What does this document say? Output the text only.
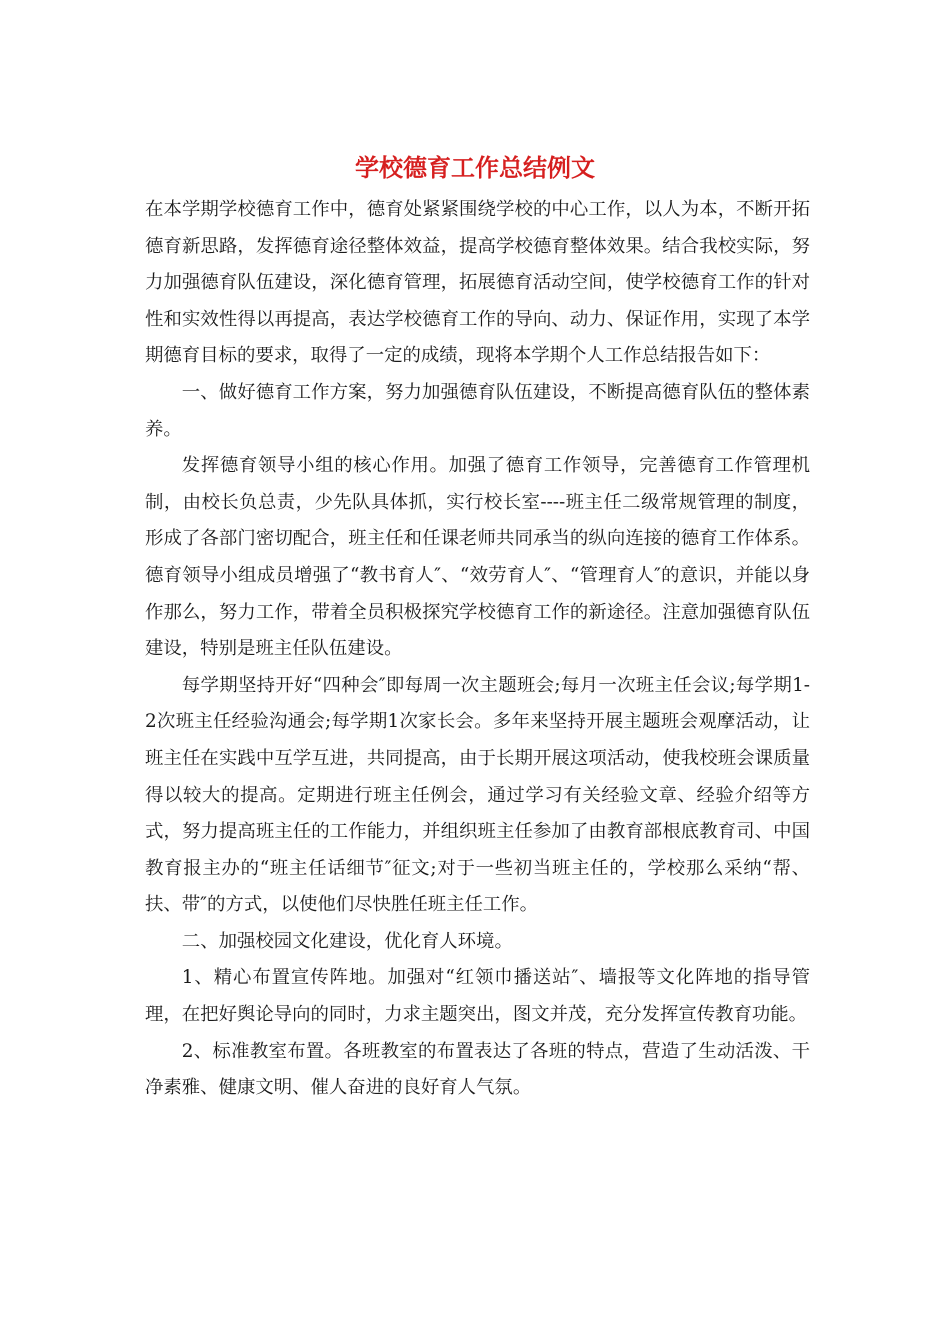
学校德育工作总结例文

在本学期学校德育工作中，德育处紧紧围绕学校的中心工作，以人为本，不断开拓德育新思路，发挥德育途径整体效益，提高学校德育整体效果。结合我校实际，努力加强德育队伍建设，深化德育管理，拓展德育活动空间，使学校德育工作的针对性和实效性得以再提高，表达学校德育工作的导向、动力、保证作用，实现了本学期德育目标的要求，取得了一定的成绩，现将本学期个人工作总结报告如下：

一、做好德育工作方案，努力加强德育队伍建设，不断提高德育队伍的整体素养。

发挥德育领导小组的核心作用。加强了德育工作领导，完善德育工作管理机制，由校长负总责，少先队具体抓，实行校长室----班主任二级常规管理的制度，形成了各部门密切配合，班主任和任课老师共同承当的纵向连接的德育工作体系。德育领导小组成员增强了“教书育人″、“效劳育人″、“管理育人″的意识，并能以身作那么，努力工作，带着全员积极探究学校德育工作的新途径。注意加强德育队伍建设，特别是班主任队伍建设。

每学期坚持开好“四种会″即每周一次主题班会;每月一次班主任会议;每学期1-2次班主任经验沟通会;每学期1次家长会。多年来坚持开展主题班会观摩活动，让班主任在实践中互学互进，共同提高，由于长期开展这项活动，使我校班会课质量得以较大的提高。定期进行班主任例会，通过学习有关经验文章、经验介绍等方式，努力提高班主任的工作能力，并组织班主任参加了由教育部根底教育司、中国教育报主办的“班主任话细节″征文;对于一些初当班主任的，学校那么采纳“帮、扶、带″的方式，以使他们尽快胜任班主任工作。

二、加强校园文化建设，优化育人环境。

1、精心布置宣传阵地。加强对“红领巾播送站″、墙报等文化阵地的指导管理，在把好舆论导向的同时，力求主题突出，图文并茂，充分发挥宣传教育功能。

2、标准教室布置。各班教室的布置表达了各班的特点，营造了生动活泼、干净素雅、健康文明、催人奋进的良好育人气氛。
